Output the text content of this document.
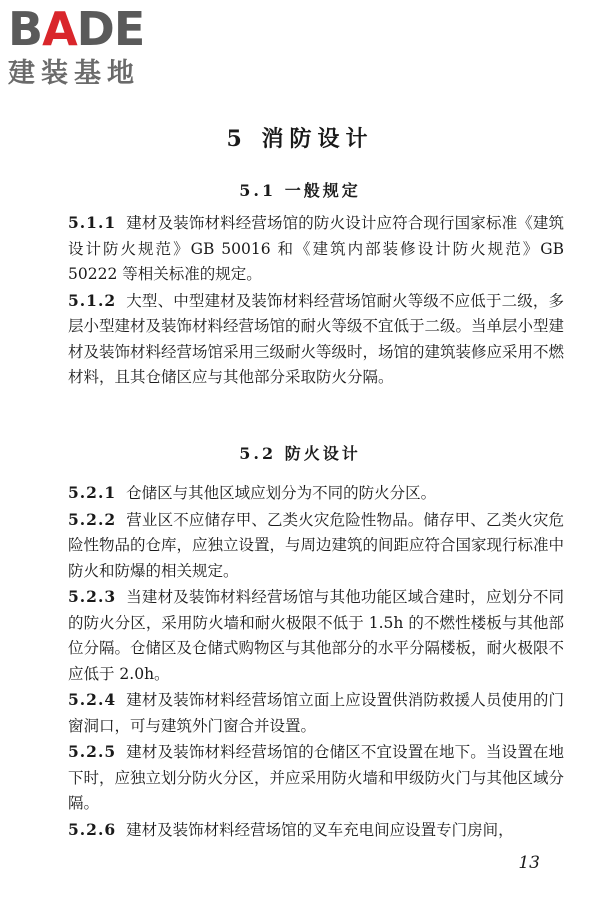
BADE
建装基地
5 消防设计
5.1 一般规定

5.1.1 建材及装饰材料经营场馆的防火设计应符合现行国家标准《建筑设计防火规范》GB 50016 和《建筑内部装修设计防火规范》GB 50222 等相关标准的规定。

5.1.2 大型、中型建材及装饰材料经营场馆耐火等级不应低于二级，多层小型建材及装饰材料经营场馆的耐火等级不宜低于二级。当单层小型建材及装饰材料经营场馆采用三级耐火等级时，场馆的建筑装修应采用不燃材料，且其仓储区应与其他部分采取防火分隔。

5.2 防火设计

5.2.1 仓储区与其他区域应划分为不同的防火分区。

5.2.2 营业区不应储存甲、乙类火灾危险性物品。储存甲、乙类火灾危险性物品的仓库，应独立设置，与周边建筑的间距应符合国家现行标准中防火和防爆的相关规定。

5.2.3 当建材及装饰材料经营场馆与其他功能区域合建时，应划分不同的防火分区，采用防火墙和耐火极限不低于 1.5h 的不燃性楼板与其他部位分隔。仓储区及仓储式购物区与其他部分的水平分隔楼板，耐火极限不应低于 2.0h。

5.2.4 建材及装饰材料经营场馆立面上应设置供消防救援人员使用的门窗洞口，可与建筑外门窗合并设置。

5.2.5 建材及装饰材料经营场馆的仓储区不宜设置在地下。当设置在地下时，应独立划分防火分区，并应采用防火墙和甲级防火门与其他区域分隔。

5.2.6 建材及装饰材料经营场馆的叉车充电间应设置专门房间，

13
